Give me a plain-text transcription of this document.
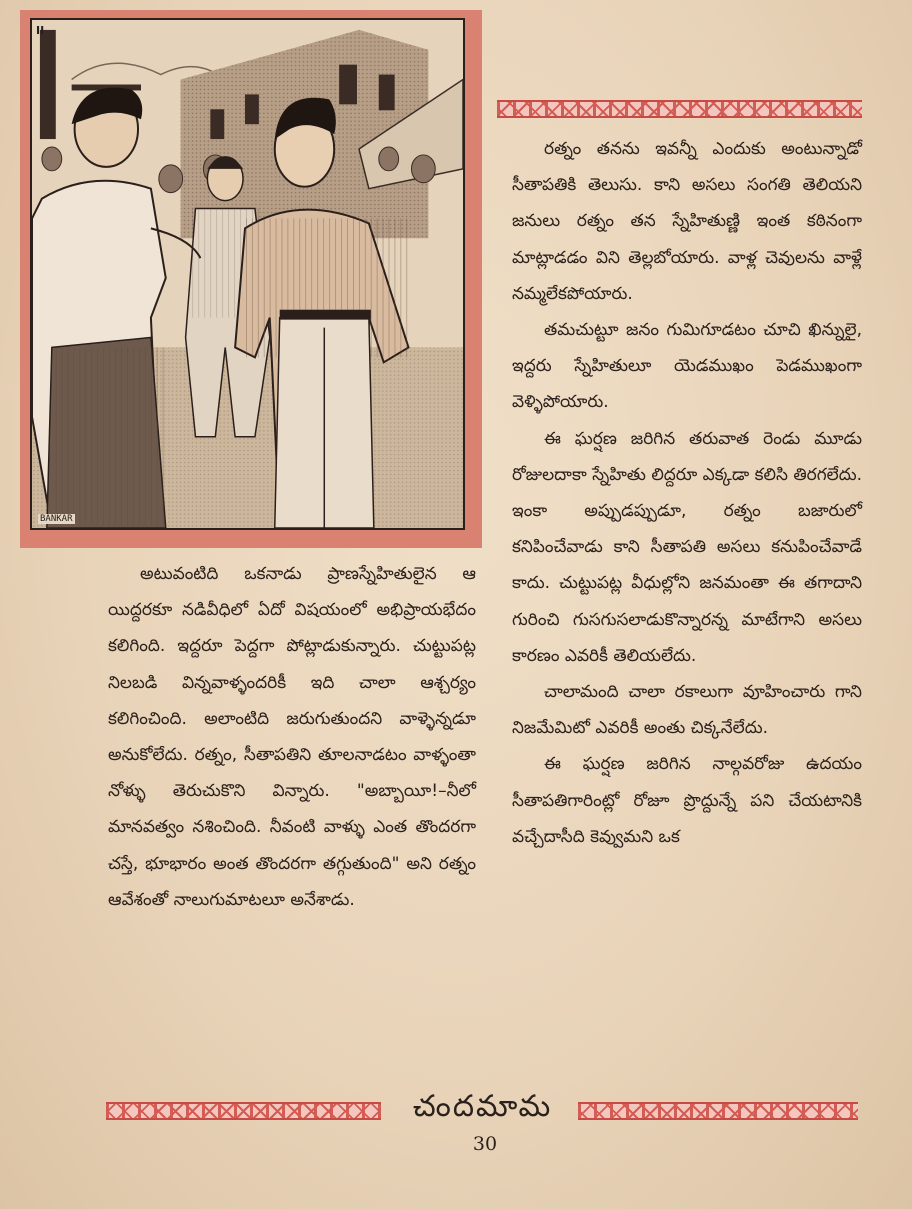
II
BANKAR

రత్నం తనను ఇవన్నీ ఎందుకు అంటున్నాడో సీతాపతికి తెలుసు. కాని అసలు సంగతి తెలియని జనులు రత్నం తన స్నేహితుణ్ణి ఇంత కఠినంగా మాట్లాడడం విని తెల్లబోయారు. వాళ్ల చెవులను వాళ్లే నమ్మలేకపోయారు.

తమచుట్టూ జనం గుమిగూడటం చూచి ఖిన్నులై, ఇద్దరు స్నేహితులూ యెడముఖం పెడముఖంగా వెళ్ళిపోయారు.

ఈ ఘర్షణ జరిగిన తరువాత రెండు మూడు రోజులదాకా స్నేహితు లిద్దరూ ఎక్కడా కలిసి తిరగలేదు. ఇంకా అప్పుడప్పుడూ, రత్నం బజారులో కనిపించేవాడు కాని సీతాపతి అసలు కనుపించేవాడే కాదు. చుట్టుపట్ల వీధుల్లోని జనమంతా ఈ తగాదాని గురించి గుసగుసలాడుకొన్నారన్న మాటేగాని అసలు కారణం ఎవరికీ తెలియలేదు.

చాలామంది చాలా రకాలుగా వూహించారు గాని నిజమేమిటో ఎవరికీ అంతు చిక్కనేలేదు.

ఈ ఘర్షణ జరిగిన నాల్గవరోజు ఉదయం సీతాపతిగారింట్లో రోజూ ప్రొద్దున్నే పని చేయటానికి వచ్చేదాసీది కెవ్వుమని ఒక

అటువంటిది ఒకనాడు ప్రాణస్నేహితులైన ఆ యిద్దరకూ నడివీధిలో ఏదో విషయంలో అభిప్రాయభేదం కలిగింది. ఇద్దరూ పెద్దగా పోట్లాడుకున్నారు. చుట్టుపట్ల నిలబడి విన్నవాళ్ళందరికీ ఇది చాలా ఆశ్చర్యం కలిగించింది. అలాంటిది జరుగుతుందని వాళ్ళెన్నడూ అనుకోలేదు. రత్నం, సీతాపతిని తూలనాడటం వాళ్ళంతా నోళ్ళు తెరుచుకొని విన్నారు. "అబ్బాయీ!–నీలో మానవత్వం నశించింది. నీవంటి వాళ్ళు ఎంత తొందరగా చస్తే, భూభారం అంత తొందరగా తగ్గుతుంది" అని రత్నం ఆవేశంతో నాలుగుమాటలూ అనేశాడు.

చందమామ
30
